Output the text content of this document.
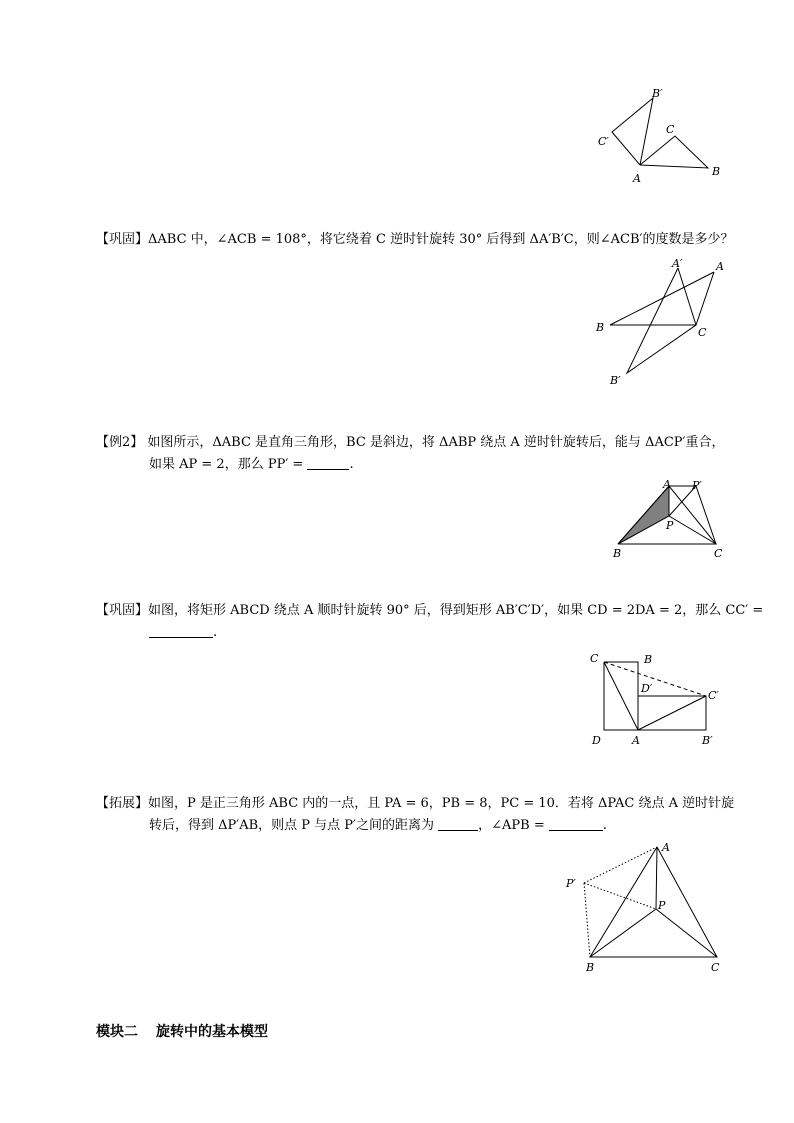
B′
C
C′
A
B
【巩固】ΔABC 中，∠ACB = 108°，将它绕着 C 逆时针旋转 30° 后得到 ΔA′B′C，则∠ACB′的度数是多少？
A′	A
B	C
B′
【例2】 如图所示，ΔABC 是直角三角形，BC 是斜边，将 ΔABP 绕点 A 逆时针旋转后，能与 ΔACP′重合，
如果 AP = 2，那么 PP′ =	.
A P′
P
B	C
【巩固】如图，将矩形 ABCD 绕点 A 顺时针旋转 90° 后，得到矩形 AB′C′D′，如果 CD = 2DA = 2，那么 CC′ =
.
C	B
D′
C′
D	A	B′
【拓展】如图，P 是正三角形 ABC 内的一点，且 PA = 6，PB = 8，PC = 10．若将 ΔPAC 绕点 A 逆时针旋
转后，得到 ΔP′AB，则点 P 与点 P′之间的距离为	，∠APB =	.
A
P′
P
B	C
模块二 旋转中的基本模型
